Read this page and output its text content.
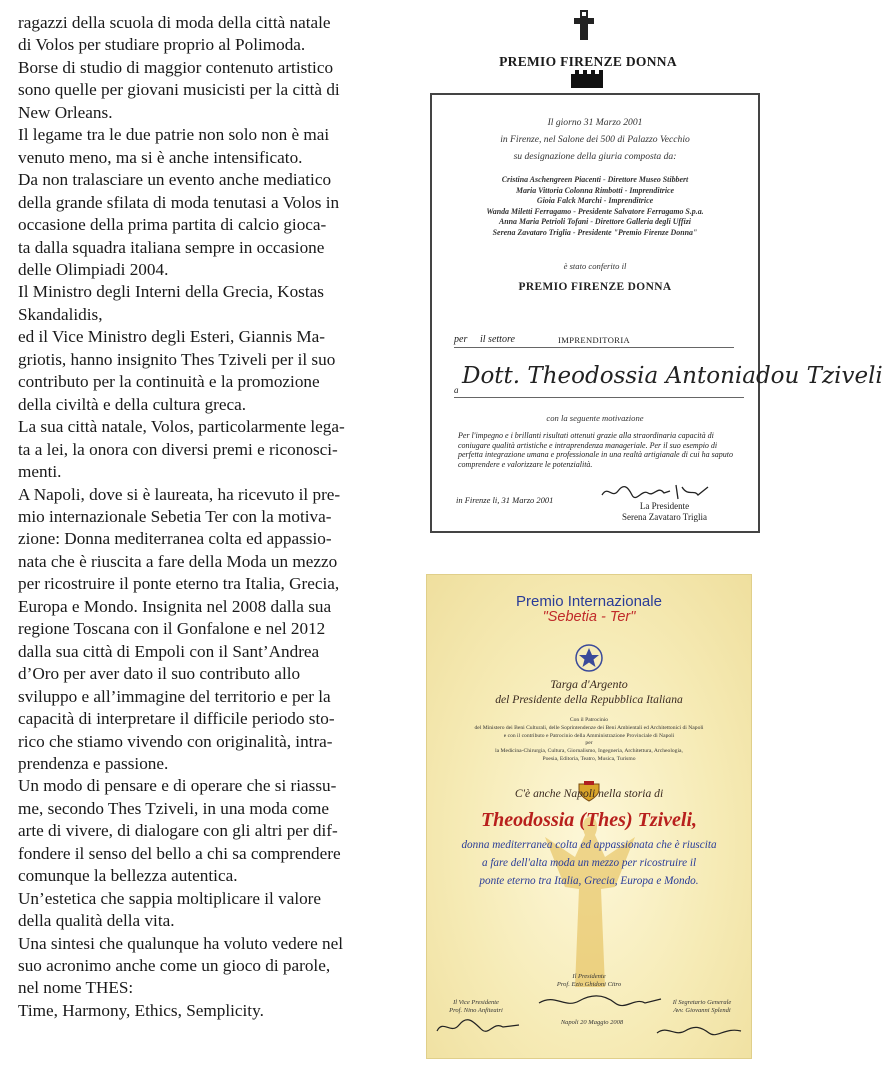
ragazzi della scuola di moda della città natale
di Volos per studiare proprio al Polimoda.
Borse di studio di maggior contenuto artistico
sono quelle per giovani musicisti per la città di
New Orleans.

Il legame tra le due patrie non solo non è mai
venuto meno, ma si è anche intensificato.

Da non tralasciare un evento anche mediatico
della grande sfilata di moda tenutasi a Volos in
occasione della prima partita di calcio gioca-
ta dalla squadra italiana sempre in occasione
delle Olimpiadi 2004.

Il Ministro degli Interni della Grecia, Kostas
Skandalidis,

ed il Vice Ministro degli Esteri, Giannis Ma-
griotis, hanno insignito Thes Tziveli per il suo
contributo per la continuità e la promozione
della civiltà e della cultura greca.

La sua città natale, Volos, particolarmente lega-
ta a lei, la onora con diversi premi e riconosci-
menti.

A Napoli, dove si è laureata, ha ricevuto il pre-
mio internazionale Sebetia Ter con la motiva-
zione: Donna mediterranea colta ed appassio-
nata che è riuscita a fare della Moda un mezzo
per ricostruire il ponte eterno tra Italia, Grecia,
Europa e Mondo. Insignita nel 2008 dalla sua
regione Toscana con il Gonfalone e nel 2012
dalla sua città di Empoli con il Sant’Andrea
d’Oro per aver dato il suo contributo allo
sviluppo e all’immagine del territorio e per la
capacità di interpretare il difficile periodo sto-
rico che stiamo vivendo con originalità, intra-
prendenza e passione.

Un modo di pensare e di operare che si riassu-
me, secondo Thes Tziveli, in una moda come
arte di vivere, di dialogare con gli altri per dif-
fondere il senso del bello a chi sa comprendere
comunque la bellezza autentica.

Un’estetica che sappia moltiplicare il valore
della qualità della vita.

Una sintesi che qualunque ha voluto vedere nel
suo acronimo anche come un gioco di parole,
nel nome THES:

Time, Harmony, Ethics, Semplicity.

PREMIO FIRENZE DONNA
Il giorno 31 Marzo 2001
in Firenze, nel Salone dei 500 di Palazzo Vecchio
su designazione della giuria composta da:
Cristina Aschengreen Piacenti - Direttore Museo Stibbert
Maria Vittoria Colonna Rimbotti - Imprenditrice
Gioia Falck Marchi - Imprenditrice
Wanda Miletti Ferragamo - Presidente Salvatore Ferragamo S.p.a.
Anna Maria Petrioli Tofani - Direttore Galleria degli Uffizi
Serena Zavataro Triglia - Presidente "Premio Firenze Donna"
è stato conferito il
PREMIO FIRENZE DONNA
per il settore	IMPRENDITORIA
a
Dott. Theodossia Antoniadou Tziveli
con la seguente motivazione
Per l'impegno e i brillanti risultati ottenuti grazie alla straordinaria capacità di coniugare qualità artistiche e intraprendenza manageriale. Per il suo esempio di perfetta integrazione umana e professionale in una realtà artigianale di cui ha saputo comprendere e valorizzare le potenzialità.
in Firenze li, 31 Marzo 2001
La Presidente
Serena Zavataro Triglia
Premio Internazionale
"Sebetia - Ter"
Targa d'Argento
del Presidente della Repubblica Italiana
Con il Patrocinio
del Ministero dei Beni Culturali, delle Soprintendenze dei Beni Ambientali ed Architettonici di Napoli
e con il contributo e Patrocinio della Amministrazione Provinciale di Napoli
per
la Medicina-Chirurgia, Cultura, Giornalismo, Ingegneria, Architettura, Archeologia,
Poesia, Editoria, Teatro, Musica, Turismo
C'è anche Napoli nella storia di
Theodossia (Thes) Tziveli,
donna mediterranea colta ed appassionata che è riuscita
a fare dell'alta moda un mezzo per ricostruire il
ponte eterno tra Italia, Grecia, Europa e Mondo.
Il Presidente
Prof. Ezio Ghidoni Citro
Il Vice Presidente
Prof. Nino Anfiteatri
Napoli 20 Maggio 2008
Il Segretario Generale
Avv. Giovanni Splendi
